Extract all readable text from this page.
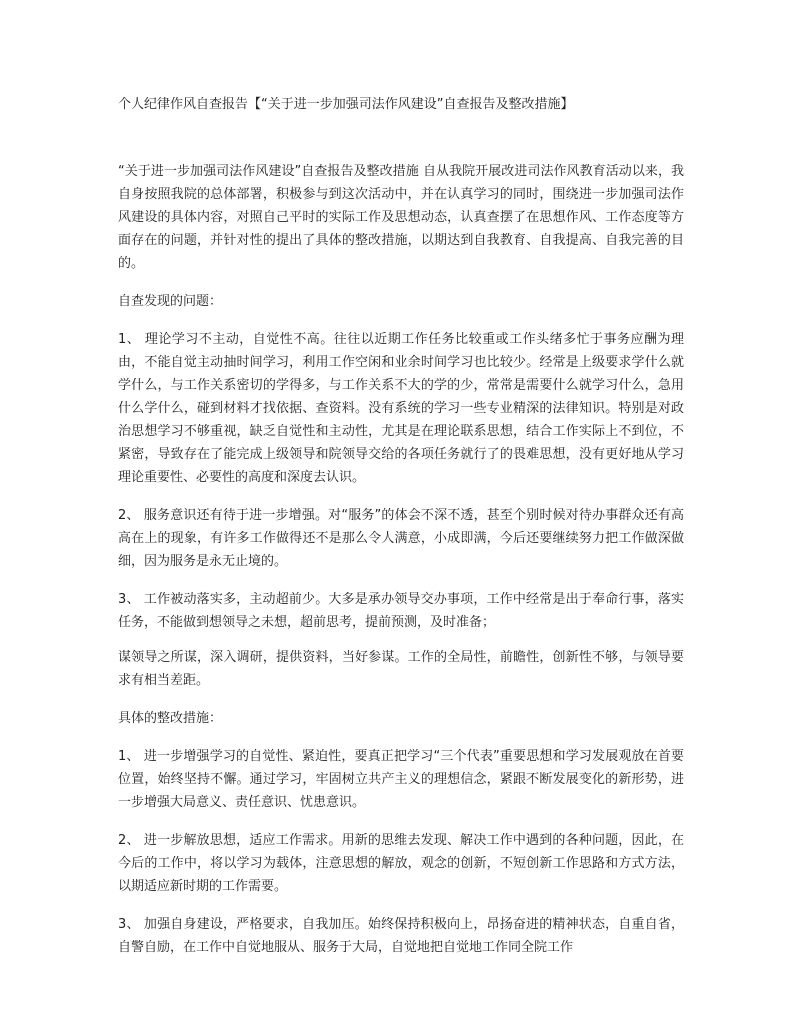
个人纪律作风自查报告【“关于进一步加强司法作风建设”自查报告及整改措施】

“关于进一步加强司法作风建设”自查报告及整改措施 自从我院开展改进司法作风教育活动以来，我自身按照我院的总体部署，积极参与到这次活动中，并在认真学习的同时，围绕进一步加强司法作风建设的具体内容，对照自己平时的实际工作及思想动态，认真查摆了在思想作风、工作态度等方面存在的问题，并针对性的提出了具体的整改措施，以期达到自我教育、自我提高、自我完善的目的。

自查发现的问题：

1、 理论学习不主动，自觉性不高。往往以近期工作任务比较重或工作头绪多忙于事务应酬为理由，不能自觉主动抽时间学习，利用工作空闲和业余时间学习也比较少。经常是上级要求学什么就学什么，与工作关系密切的学得多，与工作关系不大的学的少，常常是需要什么就学习什么，急用什么学什么，碰到材料才找依据、查资料。没有系统的学习一些专业精深的法律知识。特别是对政治思想学习不够重视，缺乏自觉性和主动性，尤其是在理论联系思想，结合工作实际上不到位，不紧密，导致存在了能完成上级领导和院领导交给的各项任务就行了的畏难思想，没有更好地从学习理论重要性、必要性的高度和深度去认识。

2、 服务意识还有待于进一步增强。对“服务”的体会不深不透，甚至个别时候对待办事群众还有高高在上的现象，有许多工作做得还不是那么令人满意，小成即满，今后还要继续努力把工作做深做细，因为服务是永无止境的。

3、 工作被动落实多，主动超前少。大多是承办领导交办事项，工作中经常是出于奉命行事，落实任务，不能做到想领导之未想，超前思考，提前预测，及时准备；

谋领导之所谋，深入调研，提供资料，当好参谋。工作的全局性，前瞻性，创新性不够，与领导要求有相当差距。

具体的整改措施：

1、 进一步增强学习的自觉性、紧迫性，要真正把学习“三个代表”重要思想和学习发展观放在首要位置，始终坚持不懈。通过学习，牢固树立共产主义的理想信念，紧跟不断发展变化的新形势，进一步增强大局意义、责任意识、忧患意识。

2、 进一步解放思想，适应工作需求。用新的思维去发现、解决工作中遇到的各种问题，因此，在今后的工作中，将以学习为载体，注意思想的解放，观念的创新，不短创新工作思路和方式方法，以期适应新时期的工作需要。

3、 加强自身建设，严格要求，自我加压。始终保持积极向上，昂扬奋进的精神状态，自重自省，自警自励，在工作中自觉地服从、服务于大局，自觉地把自觉地工作同全院工作
